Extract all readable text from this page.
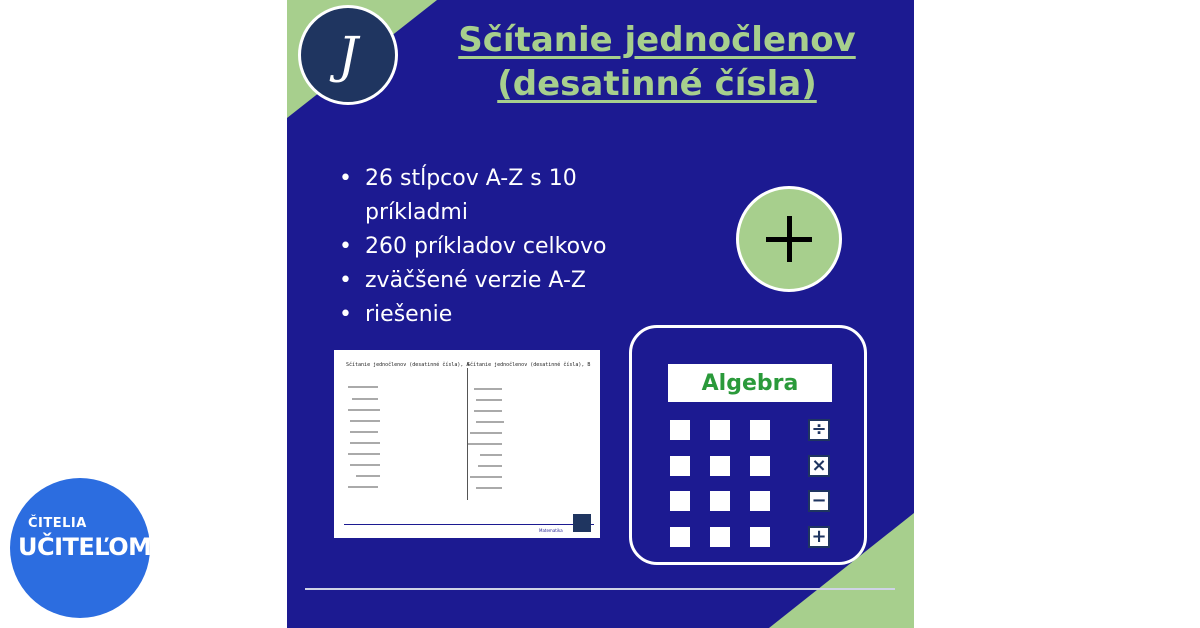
J	Sčítanie jednočlenov
(desatinné čísla)
• 26 stĺpcov A-Z s 10 príkladmi
• 260 príkladov celkovo
• zväčšené verzie A-Z
• riešenie
Sčítanie jednočlenov (desatinné čísla), A
Sčítanie jednočlenov (desatinné čísla), B
Matematika
Algebra
÷
×
−
+
ČITELIA
UČITEĽOM.SK
